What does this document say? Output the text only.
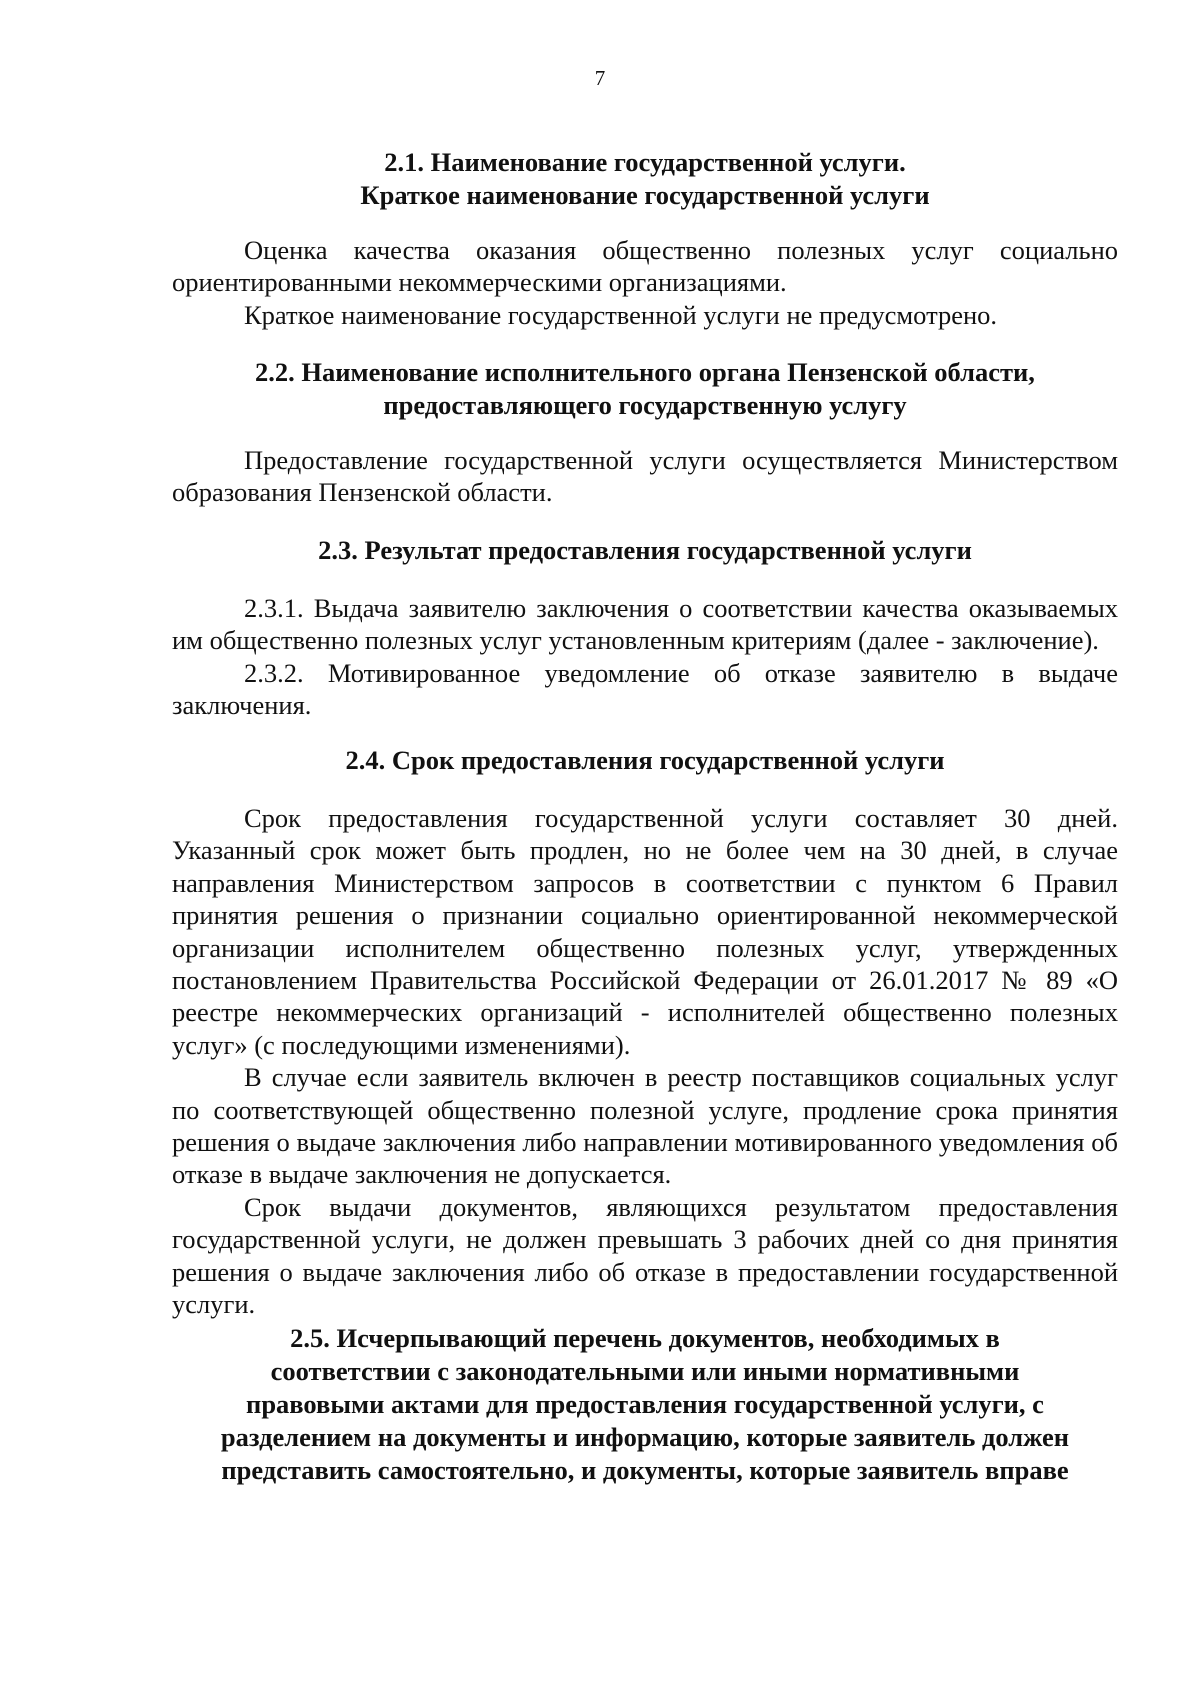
7
2.1. Наименование государственной услуги.
Краткое наименование государственной услуги

Оценка качества оказания общественно полезных услуг социально ориентированными некоммерческими организациями.

Краткое наименование государственной услуги не предусмотрено.

2.2. Наименование исполнительного органа Пензенской области,
предоставляющего государственную услугу

Предоставление государственной услуги осуществляется Министерством образования Пензенской области.

2.3. Результат предоставления государственной услуги

2.3.1. Выдача заявителю заключения о соответствии качества оказываемых им общественно полезных услуг установленным критериям (далее - заключение).

2.3.2. Мотивированное уведомление об отказе заявителю в выдаче заключения.

2.4. Срок предоставления государственной услуги

Срок предоставления государственной услуги составляет 30 дней. Указанный срок может быть продлен, но не более чем на 30 дней, в случае направления Министерством запросов в соответствии с пунктом 6 Правил принятия решения о признании социально ориентированной некоммерческой организации исполнителем общественно полезных услуг, утвержденных постановлением Правительства Российской Федерации от 26.01.2017 № 89 «О реестре некоммерческих организаций - исполнителей общественно полезных услуг» (с последующими изменениями).

В случае если заявитель включен в реестр поставщиков социальных услуг по соответствующей общественно полезной услуге, продление срока принятия решения о выдаче заключения либо направлении мотивированного уведомления об отказе в выдаче заключения не допускается.

Срок выдачи документов, являющихся результатом предоставления государственной услуги, не должен превышать 3 рабочих дней со дня принятия решения о выдаче заключения либо об отказе в предоставлении государственной услуги.

2.5. Исчерпывающий перечень документов, необходимых в
соответствии с законодательными или иными нормативными
правовыми актами для предоставления государственной услуги, с
разделением на документы и информацию, которые заявитель должен
представить самостоятельно, и документы, которые заявитель вправе
